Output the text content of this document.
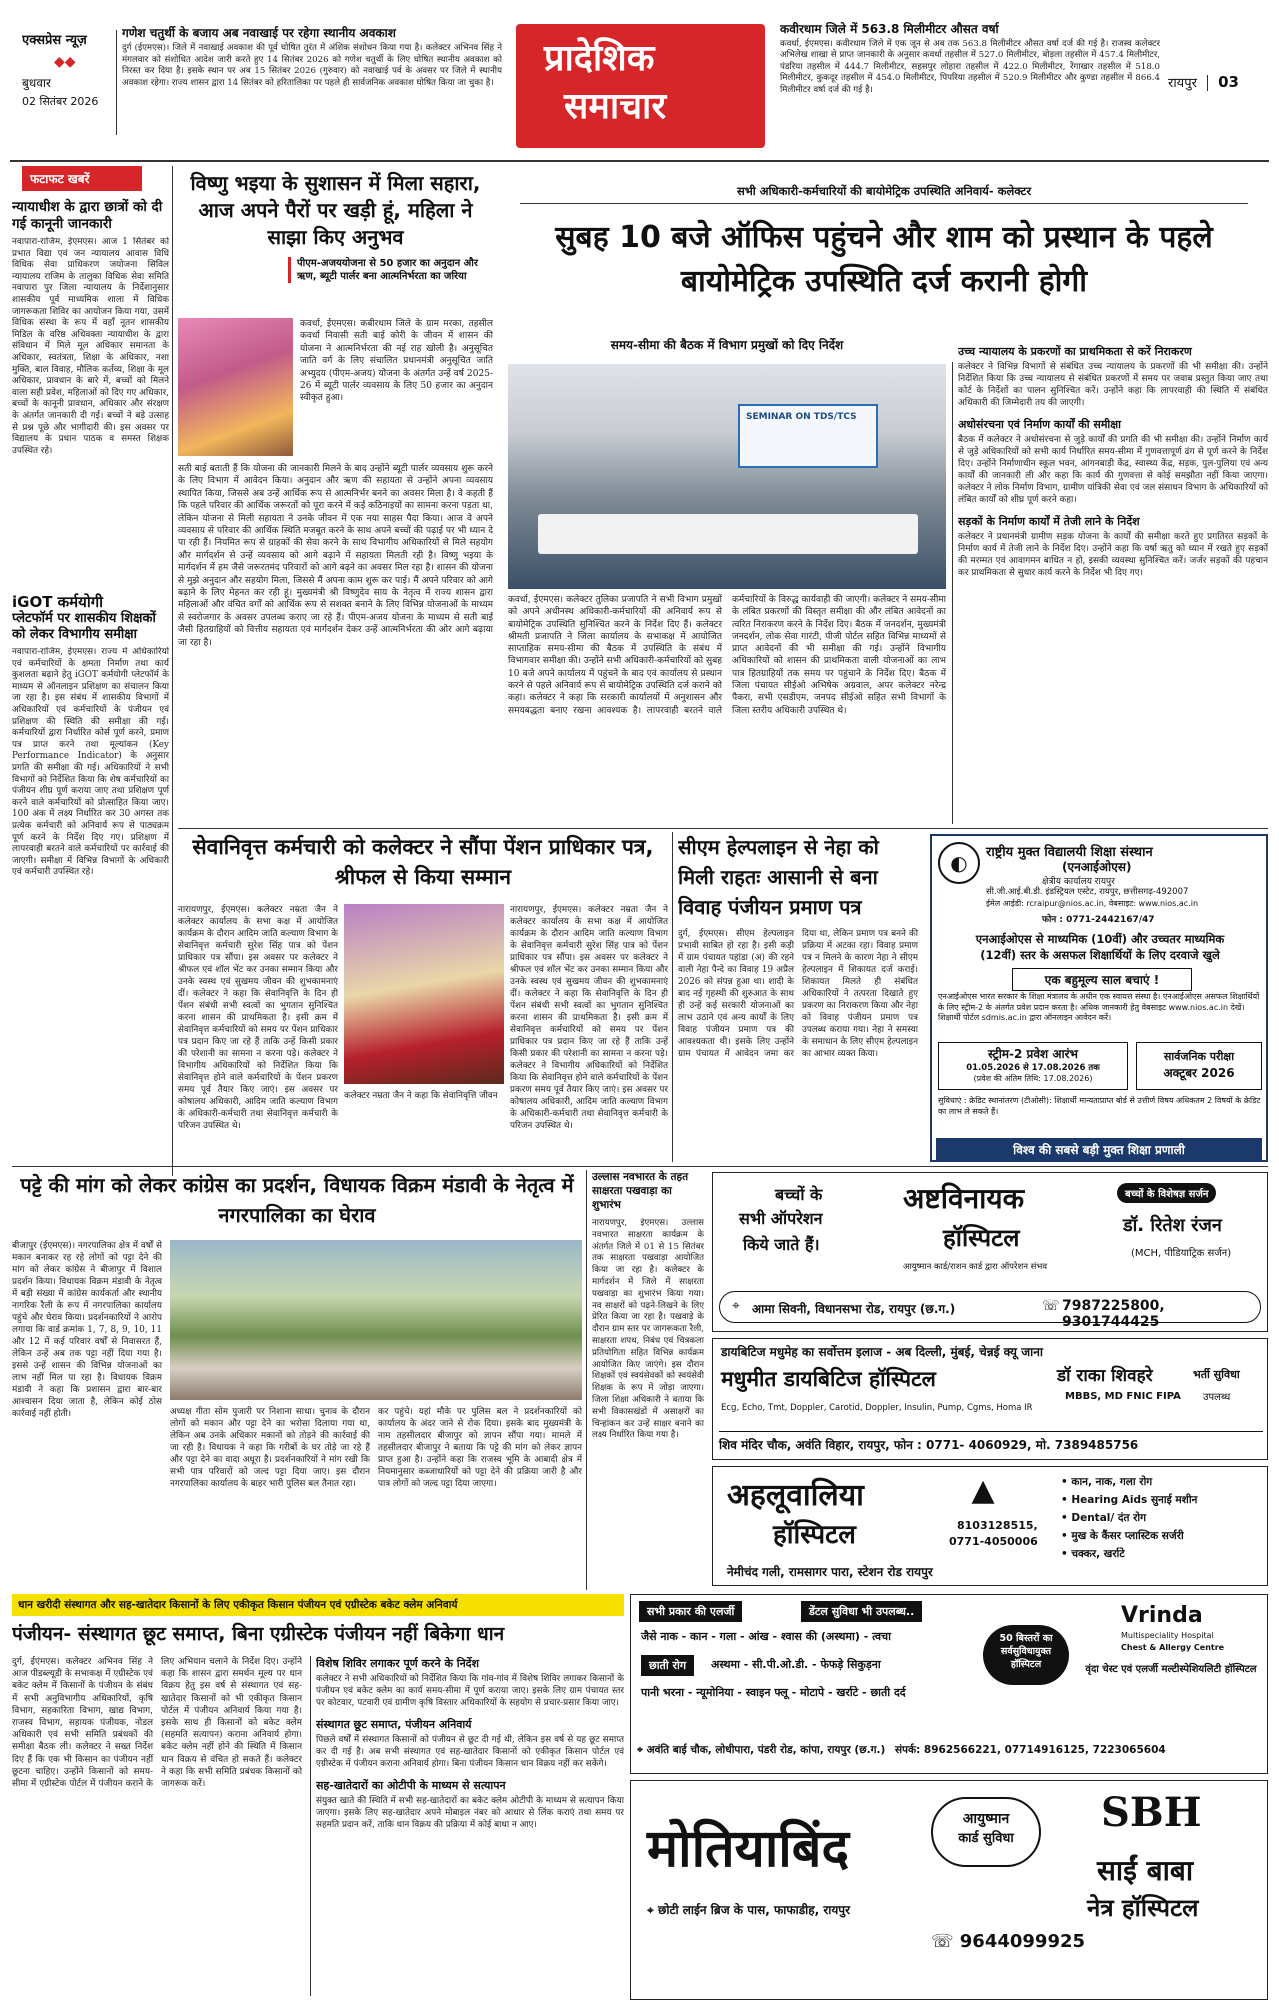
एक्सप्रेस न्यूज़
◆◆
बुधवार
02 सितंबर 2026
गणेश चतुर्थी के बजाय अब नवाखाई पर रहेगा स्थानीय अवकाश
दुर्ग (ईएमएस)। जिले में नवाखाई अवकाश की पूर्व घोषित तुरंत में अंशिक संशोधन किया गया है। कलेक्टर अभिनव सिंह ने मंगलवार को संशोधित आदेश जारी करते हुए 14 सितंबर 2026 को गणेश चतुर्थी के लिए घोषित स्थानीय अवकाश को निरस्त कर दिया है। इसके स्थान पर अब 15 सितंबर 2026 (गुरुवार) को नवाखाई पर्व के अवसर पर जिले में स्थानीय अवकाश रहेगा। राज्य शासन द्वारा 14 सितंबर को हरितालिका पर पहले ही सार्वजनिक अवकाश घोषित किया जा चुका है।
प्रादेशिक
समाचार
कवीरधाम जिले में 563.8 मिलीमीटर औसत वर्षा
कवर्धा, ईएमएस। कवीरधाम जिले में एक जून से अब तक 563.8 मिलीमीटर औसत वर्षा दर्ज की गई है। राजस्व कलेक्टर अभिलेख शाखा से प्राप्त जानकारी के अनुसार कवर्धा तहसील में 527.0 मिलीमीटर, बोड़ला तहसील में 457.4 मिलीमीटर, पंडरिया तहसील में 444.7 मिलीमीटर, सहसपुर लोहारा तहसील में 422.0 मिलीमीटर, रेंगाखार तहसील में 518.0 मिलीमीटर, कुकदूर तहसील में 454.0 मिलीमीटर, पिपरिया तहसील में 520.9 मिलीमीटर और कुण्डा तहसील में 866.4 मिलीमीटर वर्षा दर्ज की गई है।	रायपुर 03
फटाफट खबरें
न्यायाधीश के द्वारा छात्रों को दी गई कानूनी जानकारी
नवापारा-राजिम, ईएमएस। आज 1 सितंबर को प्रभात विद्या एवं जन न्यायालय आवास विधि विधिक सेवा प्राधिकरण जयोजना सिविल न्यायालय राजिम के तालुका विधिक सेवा समिति नवापारा पुर जिला न्यायालय के निर्देशानुसार शासकीय पूर्व माध्यमिक शाला में विधिक जागरूकता शिविर का आयोजन किया गया, उसमें विधिक संस्था के रूप में वहाँ नूतन शासकीय मिडिल के वरिष्ठ अधिवक्ता न्यायाधीश के द्वारा संविधान में मिले मूल अधिकार समानता के अधिकार, स्वतंत्रता, शिक्षा के अधिकार, नशा मुक्ति, बाल विवाह, मौलिक कर्तव्य, शिक्षा के मूल अधिकार, प्रावधान के बारे में, बच्चों को मिलने वाला सही प्रवेश, महिलाओं को दिए गए अधिकार, बच्चों के कानूनी प्रावधान, अधिकार और संरक्षण के अंतर्गत जानकारी दी गई। बच्चों ने बड़े उत्साह से प्रश्न पूछे और भागीदारी की। इस अवसर पर विद्यालय के प्रधान पाठक व समस्त शिक्षक उपस्थित रहे।
iGOT कर्मयोगी
प्लेटफॉर्म पर शासकीय शिक्षकों को लेकर विभागीय समीक्षा
नवापारा-राजिम, ईएमएस। राज्य में अधिकारियों एवं कर्मचारियों के क्षमता निर्माण तथा कार्य कुशलता बढ़ाने हेतु iGOT कर्मयोगी प्लेटफॉर्म के माध्यम से ऑनलाइन प्रशिक्षण का संचालन किया जा रहा है। इस संबंध में शासकीय विभागों में अधिकारियों एवं कर्मचारियों के पंजीयन एवं प्रशिक्षण की स्थिति की समीक्षा की गई। कर्मचारियों द्वारा निर्धारित कोर्स पूर्ण करने, प्रमाण पत्र प्राप्त करने तथा मूल्यांकन (Key Performance Indicator) के अनुसार प्रगति की समीक्षा की गई। अधिकारियों ने सभी विभागों को निर्देशित किया कि शेष कर्मचारियों का पंजीयन शीघ्र पूर्ण कराया जाए तथा प्रशिक्षण पूर्ण करने वाले कर्मचारियों को प्रोत्साहित किया जाए। 100 अंक में लक्ष्य निर्धारित कर 30 अगस्त तक प्रत्येक कर्मचारी को अनिवार्य रूप से पाठ्यक्रम पूर्ण करने के निर्देश दिए गए। प्रशिक्षण में लापरवाही बरतने वाले कर्मचारियों पर कार्रवाई की जाएगी। समीक्षा में विभिन्न विभागों के अधिकारी एवं कर्मचारी उपस्थित रहे।
विष्णु भइया के सुशासन में मिला सहारा, आज अपने पैरों पर खड़ी हूं, महिला ने साझा किए अनुभव
पीएम-अजययोजना से 50 हजार का अनुदान और ऋण, ब्यूटी पार्लर बना आत्मनिर्भरता का जरिया
कवर्धा, ईएमएस। कबीरधाम जिले के ग्राम मरका, तहसील कवर्धा निवासी सती बाई कोरी के जीवन में शासन की योजना ने आत्मनिर्भरता की नई राह खोली है। अनुसूचित जाति वर्ग के लिए संचालित प्रधानमंत्री अनुसूचित जाति अभ्युदय (पीएम-अजय) योजना के अंतर्गत उन्हें वर्ष 2025-26 में ब्यूटी पार्लर व्यवसाय के लिए 50 हजार का अनुदान स्वीकृत हुआ।
सती बाई बताती हैं कि योजना की जानकारी मिलने के बाद उन्होंने ब्यूटी पार्लर व्यवसाय शुरू करने के लिए विभाग में आवेदन किया। अनुदान और ऋण की सहायता से उन्होंने अपना व्यवसाय स्थापित किया, जिससे अब उन्हें आर्थिक रूप से आत्मनिर्भर बनने का अवसर मिला है। वे कहती हैं कि पहले परिवार की आर्थिक जरूरतों को पूरा करने में कई कठिनाइयों का सामना करना पड़ता था, लेकिन योजना से मिली सहायता ने उनके जीवन में एक नया साहस पैदा किया। आज वे अपने व्यवसाय से परिवार की आर्थिक स्थिति मजबूत करने के साथ अपने बच्चों की पढ़ाई पर भी ध्यान दे पा रही हैं। नियमित रूप से ग्राहकों की सेवा करने के साथ विभागीय अधिकारियों से मिले सहयोग और मार्गदर्शन से उन्हें व्यवसाय को आगे बढ़ाने में सहायता मिलती रही है। विष्णु भइया के मार्गदर्शन में हम जैसे जरूरतमंद परिवारों को आगे बढ़ने का अवसर मिल रहा है। शासन की योजना से मुझे अनुदान और सहयोग मिला, जिससे मैं अपना काम शुरू कर पाई। मैं अपने परिवार को आगे बढ़ाने के लिए मेहनत कर रही हूं। मुख्यमंत्री श्री विष्णुदेव साय के नेतृत्व में राज्य शासन द्वारा महिलाओं और वंचित वर्गों को आर्थिक रूप से सशक्त बनाने के लिए विभिन्न योजनाओं के माध्यम से स्वरोजगार के अवसर उपलब्ध कराए जा रहे हैं। पीएम-अजय योजना के माध्यम से सती बाई जैसी हितग्राहियों को वित्तीय सहायता एवं मार्गदर्शन देकर उन्हें आत्मनिर्भरता की ओर आगे बढ़ाया जा रहा है।
सभी अधिकारी-कर्मचारियों की बायोमेट्रिक उपस्थिति अनिवार्य- कलेक्टर
सुबह 10 बजे ऑफिस पहुंचने और शाम को प्रस्थान के पहले बायोमेट्रिक उपस्थिति दर्ज करानी होगी
SEMINAR ON TDS/TCS
समय-सीमा की बैठक में विभाग प्रमुखों को दिए निर्देश
कवर्धा, ईएमएस। कलेक्टर तुलिका प्रजापति ने सभी विभाग प्रमुखों को अपने अधीनस्थ अधिकारी-कर्मचारियों की अनिवार्य रूप से बायोमेट्रिक उपस्थिति सुनिश्चित करने के निर्देश दिए हैं। कलेक्टर श्रीमती प्रजापति ने जिला कार्यालय के सभाकक्ष में आयोजित साप्ताहिक समय-सीमा की बैठक में उपस्थिति के संबंध में विभागवार समीक्षा की। उन्होंने सभी अधिकारी-कर्मचारियों को सुबह 10 बजे अपने कार्यालय में पहुंचने के बाद एवं कार्यालय से प्रस्थान करने से पहले अनिवार्य रूप से बायोमेट्रिक उपस्थिति दर्ज कराने को कहा। कलेक्टर ने कहा कि सरकारी कार्यालयों में अनुशासन और समयबद्धता बनाए रखना आवश्यक है। लापरवाही बरतने वाले कर्मचारियों के विरुद्ध कार्यवाही की जाएगी। कलेक्टर ने समय-सीमा के लंबित प्रकरणों की विस्तृत समीक्षा की और लंबित आवेदनों का त्वरित निराकरण करने के निर्देश दिए। बैठक में जनदर्शन, मुख्यमंत्री जनदर्शन, लोक सेवा गारंटी, पीजी पोर्टल सहित विभिन्न माध्यमों से प्राप्त आवेदनों की भी समीक्षा की गई। उन्होंने विभागीय अधिकारियों को शासन की प्राथमिकता वाली योजनाओं का लाभ पात्र हितग्राहियों तक समय पर पहुंचाने के निर्देश दिए। बैठक में जिला पंचायत सीईओ अभिषेक अग्रवाल, अपर कलेक्टर नरेन्द्र पैकरा, सभी एसडीएम, जनपद सीईओ सहित सभी विभागों के जिला स्तरीय अधिकारी उपस्थित थे।
उच्च न्यायालय के प्रकरणों का प्राथमिकता से करें निराकरण
कलेक्टर ने विभिन्न विभागों से संबंधित उच्च न्यायालय के प्रकरणों की भी समीक्षा की। उन्होंने निर्देशित किया कि उच्च न्यायालय से संबंधित प्रकरणों में समय पर जवाब प्रस्तुत किया जाए तथा कोर्ट के निर्देशों का पालन सुनिश्चित करें। उन्होंने कहा कि लापरवाही की स्थिति में संबंधित अधिकारी की जिम्मेदारी तय की जाएगी।
अधोसंरचना एवं निर्माण कार्यों की समीक्षा
बैठक में कलेक्टर ने अधोसंरचना से जुड़े कार्यों की प्रगति की भी समीक्षा की। उन्होंने निर्माण कार्य से जुड़े अधिकारियों को सभी कार्य निर्धारित समय-सीमा में गुणवत्तापूर्ण ढंग से पूर्ण करने के निर्देश दिए। उन्होंने निर्माणाधीन स्कूल भवन, आंगनबाड़ी केंद्र, स्वास्थ्य केंद्र, सड़क, पुल-पुलिया एवं अन्य कार्यों की जानकारी ली और कहा कि कार्य की गुणवत्ता से कोई समझौता नहीं किया जाएगा। कलेक्टर ने लोक निर्माण विभाग, ग्रामीण यांत्रिकी सेवा एवं जल संसाधन विभाग के अधिकारियों को लंबित कार्यों को शीघ्र पूर्ण करने कहा।
सड़कों के निर्माण कार्यों में तेजी लाने के निर्देश
कलेक्टर ने प्रधानमंत्री ग्रामीण सड़क योजना के कार्यों की समीक्षा करते हुए प्रगतिरत सड़कों के निर्माण कार्य में तेजी लाने के निर्देश दिए। उन्होंने कहा कि वर्षा ऋतु को ध्यान में रखते हुए सड़कों की मरम्मत एवं आवागमन बाधित न हो, इसकी व्यवस्था सुनिश्चित करें। जर्जर सड़कों की पहचान कर प्राथमिकता से सुधार कार्य करने के निर्देश भी दिए गए।
सेवानिवृत्त कर्मचारी को कलेक्टर ने सौंपा पेंशन प्राधिकार पत्र, श्रीफल से किया सम्मान
नारायणपुर, ईएमएस। कलेक्टर नम्रता जैन ने कलेक्टर कार्यालय के सभा कक्ष में आयोजित कार्यक्रम के दौरान आदिम जाति कल्याण विभाग के सेवानिवृत्त कर्मचारी सुरेश सिंह पात्र को पेंशन प्राधिकार पत्र सौंपा। इस अवसर पर कलेक्टर ने श्रीफल एवं शॉल भेंट कर उनका सम्मान किया और उनके स्वस्थ एवं सुखमय जीवन की शुभकामनाएं दीं। कलेक्टर ने कहा कि सेवानिवृत्ति के दिन ही पेंशन संबंधी सभी स्वत्वों का भुगतान सुनिश्चित करना शासन की प्राथमिकता है। इसी क्रम में सेवानिवृत्त कर्मचारियों को समय पर पेंशन प्राधिकार पत्र प्रदान किए जा रहे हैं ताकि उन्हें किसी प्रकार की परेशानी का सामना न करना पड़े। कलेक्टर ने विभागीय अधिकारियों को निर्देशित किया कि सेवानिवृत्त होने वाले कर्मचारियों के पेंशन प्रकरण समय पूर्व तैयार किए जाएं। इस अवसर पर कोषालय अधिकारी, आदिम जाति कल्याण विभाग के अधिकारी-कर्मचारी तथा सेवानिवृत्त कर्मचारी के परिजन उपस्थित थे।
कलेक्टर नम्रता जैन ने कहा कि सेवानिवृत्ति जीवन
नारायणपुर, ईएमएस। कलेक्टर नम्रता जैन ने कलेक्टर कार्यालय के सभा कक्ष में आयोजित कार्यक्रम के दौरान आदिम जाति कल्याण विभाग के सेवानिवृत्त कर्मचारी सुरेश सिंह पात्र को पेंशन प्राधिकार पत्र सौंपा। इस अवसर पर कलेक्टर ने श्रीफल एवं शॉल भेंट कर उनका सम्मान किया और उनके स्वस्थ एवं सुखमय जीवन की शुभकामनाएं दीं। कलेक्टर ने कहा कि सेवानिवृत्ति के दिन ही पेंशन संबंधी सभी स्वत्वों का भुगतान सुनिश्चित करना शासन की प्राथमिकता है। इसी क्रम में सेवानिवृत्त कर्मचारियों को समय पर पेंशन प्राधिकार पत्र प्रदान किए जा रहे हैं ताकि उन्हें किसी प्रकार की परेशानी का सामना न करना पड़े। कलेक्टर ने विभागीय अधिकारियों को निर्देशित किया कि सेवानिवृत्त होने वाले कर्मचारियों के पेंशन प्रकरण समय पूर्व तैयार किए जाएं। इस अवसर पर कोषालय अधिकारी, आदिम जाति कल्याण विभाग के अधिकारी-कर्मचारी तथा सेवानिवृत्त कर्मचारी के परिजन उपस्थित थे।
सीएम हेल्पलाइन से नेहा को मिली राहतः आसानी से बना विवाह पंजीयन प्रमाण पत्र
दुर्ग, ईएमएस। सीएम हेल्पलाइन प्रभावी साबित हो रहा है। इसी कड़ी में ग्राम पंचायत पहांडा (अ) की रहने वाली नेहा पैन्दे का विवाह 19 अप्रैल 2026 को संपन्न हुआ था। शादी के बाद नई गृहस्थी की शुरुआत के साथ ही उन्हें कई सरकारी योजनाओं का लाभ उठाने एवं अन्य कार्यों के लिए विवाह पंजीयन प्रमाण पत्र की आवश्यकता थी। इसके लिए उन्होंने ग्राम पंचायत में आवेदन जमा कर दिया था, लेकिन प्रमाण पत्र बनने की प्रक्रिया में अटका रहा। विवाह प्रमाण पत्र न मिलने के कारण नेहा ने सीएम हेल्पलाइन में शिकायत दर्ज कराई। शिकायत मिलते ही संबंधित अधिकारियों ने तत्परता दिखाते हुए प्रकरण का निराकरण किया और नेहा को विवाह पंजीयन प्रमाण पत्र उपलब्ध कराया गया। नेहा ने समस्या के समाधान के लिए सीएम हेल्पलाइन का आभार व्यक्त किया।
◐	राष्ट्रीय मुक्त विद्यालयी शिक्षा संस्थान
(एनआईओएस)
क्षेत्रीय कार्यालय रायपुर
सी.जी.आई.बी.डी. इंडस्ट्रियल एस्टेट, रायपुर, छत्तीसगढ़-492007
ईमेल आईडी: rcraipur@nios.ac.in, वेबसाइट: www.nios.ac.in
फोन : 0771-2442167/47
एनआईओएस से माध्यमिक (10वीं) और उच्चतर माध्यमिक
(12वीं) स्तर के असफल शिक्षार्थियों के लिए दरवाजे खुले
एक बहुमूल्य साल बचाएं !
एनआईओएस भारत सरकार के शिक्षा मंत्रालय के अधीन एक स्वायत्त संस्था है। एनआईओएस असफल शिक्षार्थियों के लिए स्ट्रीम-2 के अंतर्गत प्रवेश प्रदान करता है। अधिक जानकारी हेतु वेबसाइट www.nios.ac.in देखें। शिक्षार्थी पोर्टल sdmis.ac.in द्वारा ऑनलाइन आवेदन करें।
स्ट्रीम-2 प्रवेश आरंभ
01.05.2026 से 17.08.2026 तक
(प्रवेश की अंतिम तिथि: 17.08.2026)
सार्वजनिक परीक्षा
अक्टूबर 2026
सुविधाएं : क्रेडिट स्थानांतरण (टीओसी): शिक्षार्थी मान्यताप्राप्त बोर्ड से उत्तीर्ण विषय अधिकतम 2 विषयों के क्रेडिट का लाभ ले सकते हैं।
विश्व की सबसे बड़ी मुक्त शिक्षा प्रणाली
पट्टे की मांग को लेकर कांग्रेस का प्रदर्शन, विधायक विक्रम मंडावी के नेतृत्व में नगरपालिका का घेराव
बीजापुर (ईएमएस)। नगरपालिका क्षेत्र में वर्षों से मकान बनाकर रह रहे लोगों को पट्टा देने की मांग को लेकर कांग्रेस ने बीजापुर में विशाल प्रदर्शन किया। विधायक विक्रम मंडावी के नेतृत्व में बड़ी संख्या में कांग्रेस कार्यकर्ता और स्थानीय नागरिक रैली के रूप में नगरपालिका कार्यालय पहुंचे और घेराव किया। प्रदर्शनकारियों ने आरोप लगाया कि वार्ड क्रमांक 1, 7, 8, 9, 10, 11 और 12 में कई परिवार वर्षों से निवासरत हैं, लेकिन उन्हें अब तक पट्टा नहीं दिया गया है। इससे उन्हें शासन की विभिन्न योजनाओं का लाभ नहीं मिल पा रहा है। विधायक विक्रम मंडावी ने कहा कि प्रशासन द्वारा बार-बार आश्वासन दिया जाता है, लेकिन कोई ठोस कार्रवाई नहीं होती।	अध्यक्ष गीता सोम पुजारी पर निशाना साधा। चुनाव के दौरान लोगों को मकान और पट्टा देने का भरोसा दिलाया गया था, लेकिन अब उनके अधिकार मकानों को तोड़ने की कार्रवाई की जा रही है। विधायक ने कहा कि गरीबों के घर तोड़े जा रहे हैं और पट्टा देने का वादा अधूरा है। प्रदर्शनकारियों ने मांग रखी कि सभी पात्र परिवारों को जल्द पट्टा दिया जाए। इस दौरान नगरपालिका कार्यालय के बाहर भारी पुलिस बल तैनात रहा।
कर पहुंचे। यहां मौके पर पुलिस बल ने प्रदर्शनकारियों को कार्यालय के अंदर जाने से रोक दिया। इसके बाद मुख्यमंत्री के नाम तहसीलदार बीजापुर को ज्ञापन सौंपा गया। मामले में तहसीलदार बीजापुर ने बताया कि पट्टे की मांग को लेकर ज्ञापन प्राप्त हुआ है। उन्होंने कहा कि राजस्व भूमि के आबादी क्षेत्र में नियमानुसार कब्जाधारियों को पट्टा देने की प्रक्रिया जारी है और पात्र लोगों को जल्द पट्टा दिया जाएगा।
उल्लास नवभारत के तहत साक्षरता पखवाड़ा का शुभारंभ
नारायणपुर, ईएमएस। उल्लास नवभारत साक्षरता कार्यक्रम के अंतर्गत जिले में 01 से 15 सितंबर तक साक्षरता पखवाड़ा आयोजित किया जा रहा है। कलेक्टर के मार्गदर्शन में जिले में साक्षरता पखवाड़ा का शुभारंभ किया गया। नव साक्षरों को पढ़ने-लिखने के लिए प्रेरित किया जा रहा है। पखवाड़े के दौरान ग्राम स्तर पर जागरूकता रैली, साक्षरता शपथ, निबंध एवं चित्रकला प्रतियोगिता सहित विभिन्न कार्यक्रम आयोजित किए जाएंगे। इस दौरान शिक्षकों एवं स्वयंसेवकों को स्वयंसेवी शिक्षक के रूप में जोड़ा जाएगा। जिला शिक्षा अधिकारी ने बताया कि सभी विकासखंडों में असाक्षरों का चिन्हांकन कर उन्हें साक्षर बनाने का लक्ष्य निर्धारित किया गया है।
बच्चों के
सभी ऑपरेशन
किये जाते हैं।
अष्टविनायक
हॉस्पिटल
आयुष्मान कार्ड/राशन कार्ड द्वारा ऑपरेशन संभव
बच्चों के विशेषज्ञ सर्जन
डॉ. रितेश रंजन
(MCH, पीडियाट्रिक सर्जन)
⌖ आमा सिवनी, विधानसभा रोड, रायपुर (छ.ग.)	☏ 7987225800, 9301744425
डायबिटिज मधुमेह का सर्वोत्तम इलाज - अब दिल्ली, मुंबई, चेन्नई क्यू जाना
मधुमीत डायबिटिज हॉस्पिटल	डॉ राका शिवहरे
MBBS, MD FNIC FIPA
भर्ती सुविधा
उपलब्ध
Ecg, Echo, Tmt, Doppler, Carotid, Doppler, Insulin, Pump, Cgms, Homa IR
शिव मंदिर चौक, अवंति विहार, रायपुर, फोन : 0771- 4060929, मो. 7389485756
अहलूवालिया
हॉस्पिटल
▲
8103128515,
0771-4050006
• कान, नाक, गला रोग
• Hearing Aids सुनाई मशीन
• Dental/ दंत रोग
• मुख के कैंसर प्लास्टिक सर्जरी
• चक्कर, खर्राटे
नेमीचंद गली, रामसागर पारा, स्टेशन रोड रायपुर
धान खरीदी संस्थागत और सह-खातेदार किसानों के लिए एकीकृत किसान पंजीयन एवं एग्रीस्टेक बकेट क्लेम अनिवार्य
पंजीयन- संस्थागत छूट समाप्त, बिना एग्रीस्टेक पंजीयन नहीं बिकेगा धान
दुर्ग, ईएमएस। कलेक्टर अभिनव सिंह ने आज पीडब्ल्यूडी के सभाकक्ष में एग्रीस्टेक एवं बकेट क्लेम में किसानों के पंजीयन के संबंध में सभी अनुविभागीय अधिकारियों, कृषि विभाग, सहकारिता विभाग, खाद्य विभाग, राजस्व विभाग, सहायक पंजीयक, नोडल अधिकारी एवं सभी समिति प्रबंधकों की समीक्षा बैठक ली। कलेक्टर ने सख्त निर्देश दिए हैं कि एक भी किसान का पंजीयन नहीं छूटना चाहिए। उन्होंने किसानों को समय-सीमा में एग्रीस्टेक पोर्टल में पंजीयन कराने के लिए अभियान चलाने के निर्देश दिए। उन्होंने कहा कि शासन द्वारा समर्थन मूल्य पर धान विक्रय हेतु इस वर्ष से संस्थागत एवं सह-खातेदार किसानों को भी एकीकृत किसान पोर्टल में पंजीयन अनिवार्य किया गया है। इसके साथ ही किसानों को बकेट क्लेम (सहमति सत्यापन) कराना अनिवार्य होगा। बकेट क्लेम नहीं होने की स्थिति में किसान धान विक्रय से वंचित हो सकते हैं। कलेक्टर ने कहा कि सभी समिति प्रबंधक किसानों को जागरूक करें।
विशेष शिविर लगाकर पूर्ण करने के निर्देश
कलेक्टर ने सभी अधिकारियों को निर्देशित किया कि गांव-गांव में विशेष शिविर लगाकर किसानों के पंजीयन एवं बकेट क्लेम का कार्य समय-सीमा में पूर्ण कराया जाए। इसके लिए ग्राम पंचायत स्तर पर कोटवार, पटवारी एवं ग्रामीण कृषि विस्तार अधिकारियों के सहयोग से प्रचार-प्रसार किया जाए।
संस्थागत छूट समाप्त, पंजीयन अनिवार्य
पिछले वर्षों में संस्थागत किसानों को पंजीयन से छूट दी गई थी, लेकिन इस वर्ष से यह छूट समाप्त कर दी गई है। अब सभी संस्थागत एवं सह-खातेदार किसानों को एकीकृत किसान पोर्टल एवं एग्रीस्टेक में पंजीयन कराना अनिवार्य होगा। बिना पंजीयन किसान धान विक्रय नहीं कर सकेंगे।
सह-खातेदारों का ओटीपी के माध्यम से सत्यापन
संयुक्त खाते की स्थिति में सभी सह-खातेदारों का बकेट क्लेम ओटीपी के माध्यम से सत्यापन किया जाएगा। इसके लिए सह-खातेदार अपने मोबाइल नंबर को आधार से लिंक कराएं तथा समय पर सहमति प्रदान करें, ताकि धान विक्रय की प्रक्रिया में कोई बाधा न आए।
सभी प्रकार की एलर्जी	डेंटल सुविधा भी उपलब्ध..
जैसे नाक - कान - गला - आंख - श्वास की (अस्थमा) - त्वचा
छाती रोग	अस्थमा - सी.पी.ओ.डी. - फेफड़े सिकुड़ना
पानी भरना - न्यूमोनिया - स्वाइन फ्लू - मोटापे - खर्राटे - छाती दर्द
50 बिस्तरों का सर्वसुविधायुक्त हॉस्पिटल
Vrinda
Multispeciality Hospital
Chest & Allergy Centre
वृंदा चेस्ट एवं एलर्जी मल्टीस्पेशियलिटी हॉस्पिटल
⌖ अवंति बाई चौक, लोधीपारा, पंडरी रोड, कांपा, रायपुर (छ.ग.) संपर्क: 8962566221, 07714916125, 7223065604
मोतियाबिंद	आयुष्मान
कार्ड सुविधा
SBH
साईं बाबा
नेत्र हॉस्पिटल
⌖ छोटी लाईन ब्रिज के पास, फाफाडीह, रायपुर
☏ 9644099925
